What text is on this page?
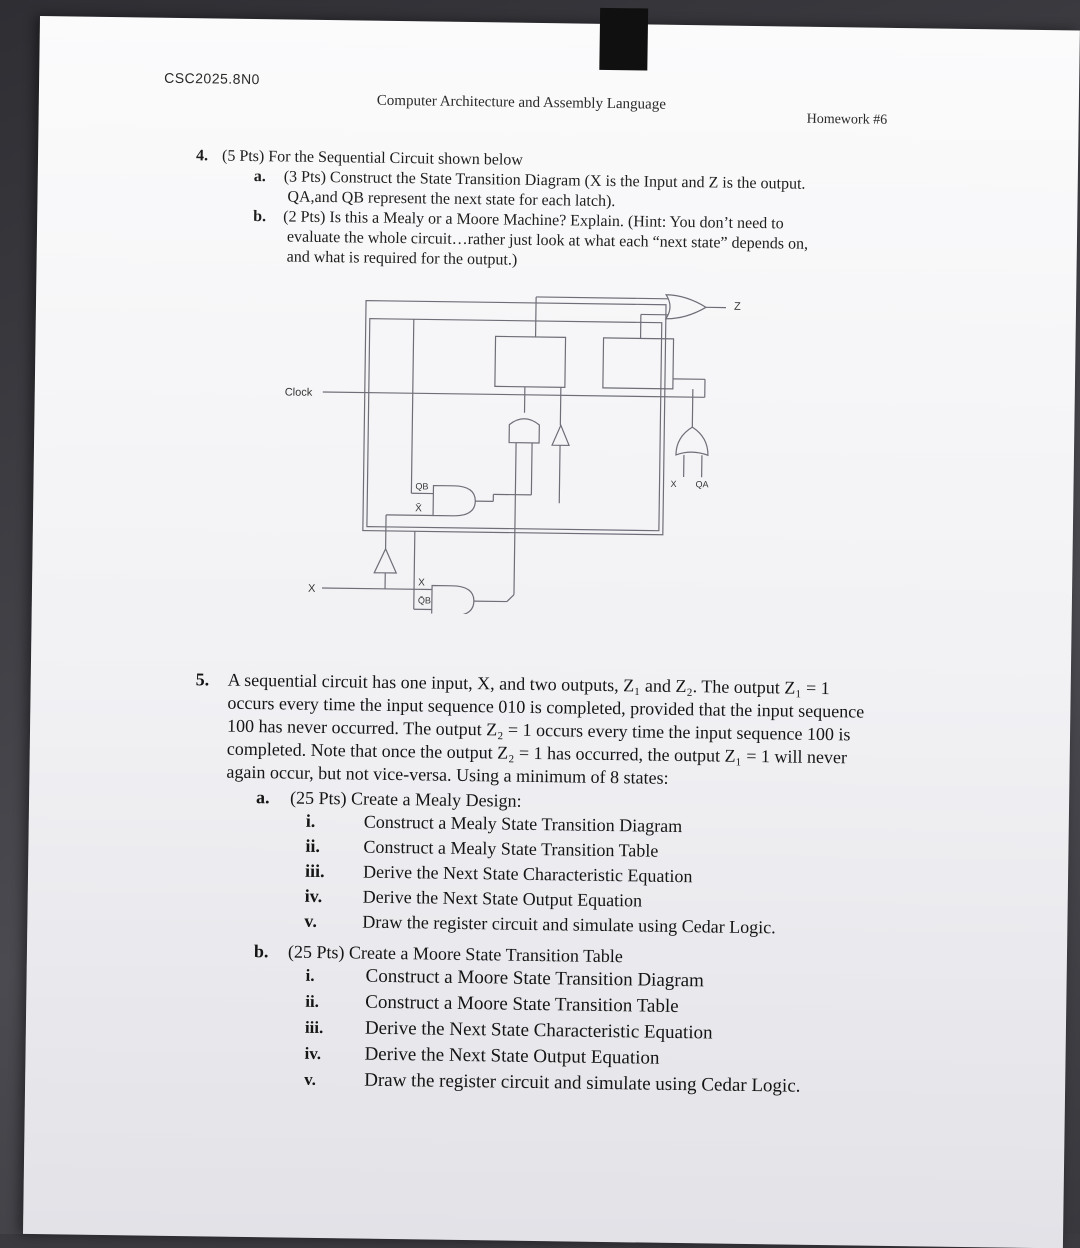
CSC2025.8N0
Computer Architecture and Assembly Language
Homework #6
4. (5 Pts) For the Sequential Circuit shown below
a. (3 Pts) Construct the State Transition Diagram (X is the Input and Z is the output.
QA,and QB represent the next state for each latch).
b. (2 Pts) Is this a Mealy or a Moore Machine? Explain. (Hint: You don’t need to
evaluate the whole circuit…rather just look at what each “next state” depends on,
and what is required for the output.)
Clock
X
Z
QB
X̄
X
Q̄B
X QA
5. A sequential circuit has one input, X, and two outputs, Z₁ and Z₂. The output Z₁ = 1
occurs every time the input sequence 010 is completed, provided that the input sequence
100 has never occurred. The output Z₂ = 1 occurs every time the input sequence 100 is
completed. Note that once the output Z₂ = 1 has occurred, the output Z₁ = 1 will never
again occur, but not vice-versa. Using a minimum of 8 states:
a. (25 Pts) Create a Mealy Design:
i.	Construct a Mealy State Transition Diagram
ii. Construct a Mealy State Transition Table
iii. Derive the Next State Characteristic Equation
iv. Derive the Next State Output Equation
v.	Draw the register circuit and simulate using Cedar Logic.
b. (25 Pts) Create a Moore State Transition Table
i.	Construct a Moore State Transition Diagram
ii. Construct a Moore State Transition Table
iii. Derive the Next State Characteristic Equation
iv. Derive the Next State Output Equation
v.	Draw the register circuit and simulate using Cedar Logic.
